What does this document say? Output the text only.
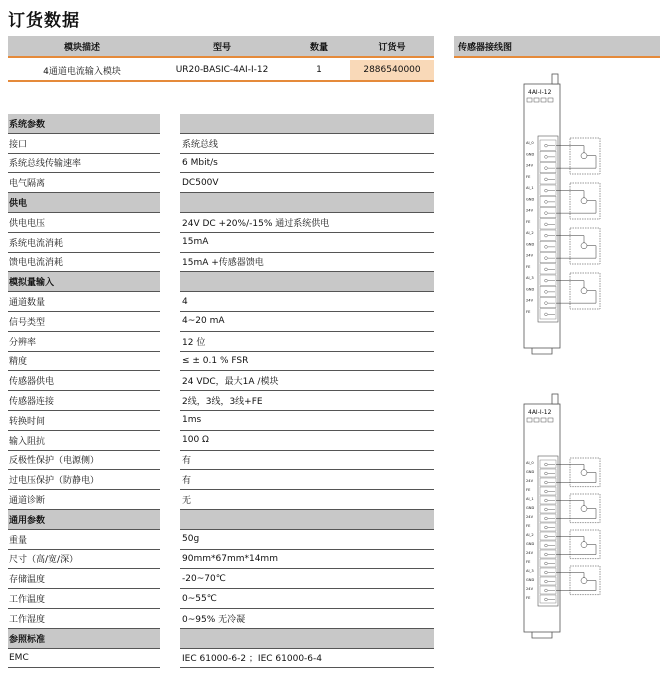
订货数据
模块描述	型号	数量	订货号
4通道电流输入模块	UR20-BASIC-4AI-I-12	1	2886540000
系统参数
接口	系统总线
系统总线传输速率	6 Mbit/s
电气隔离	DC500V
供电
供电电压	24V DC +20%/-15% 通过系统供电
系统电流消耗	15mA
馈电电流消耗	15mA +传感器馈电
模拟量输入
通道数量	4
信号类型	4~20 mA
分辨率	12 位
精度	≤ ± 0.1 % FSR
传感器供电	24 VDC，最大1A /模块
传感器连接	2线，3线，3线+FE
转换时间	1ms
输入阻抗	100 Ω
反极性保护（电源侧）	有
过电压保护（防静电）	有
通道诊断	无
通用参数
重量	50g
尺寸（高/宽/深）	90mm*67mm*14mm
存储温度	-20~70℃
工作温度	0~55℃
工作湿度	0~95% 无冷凝
参照标准
EMC	IEC 61000-6-2 ；IEC 61000-6-4
传感器接线图
4AI-I-12
AI_0
GND
24V
FE
AI_1
GND
24V
FE
AI_2
GND
24V
FE
AI_3
GND
24V
FE
4AI-I-12
AI_0
GND
24V
FE
AI_1
GND
24V
FE
AI_2
GND
24V
FE
AI_3
GND
24V
FE
